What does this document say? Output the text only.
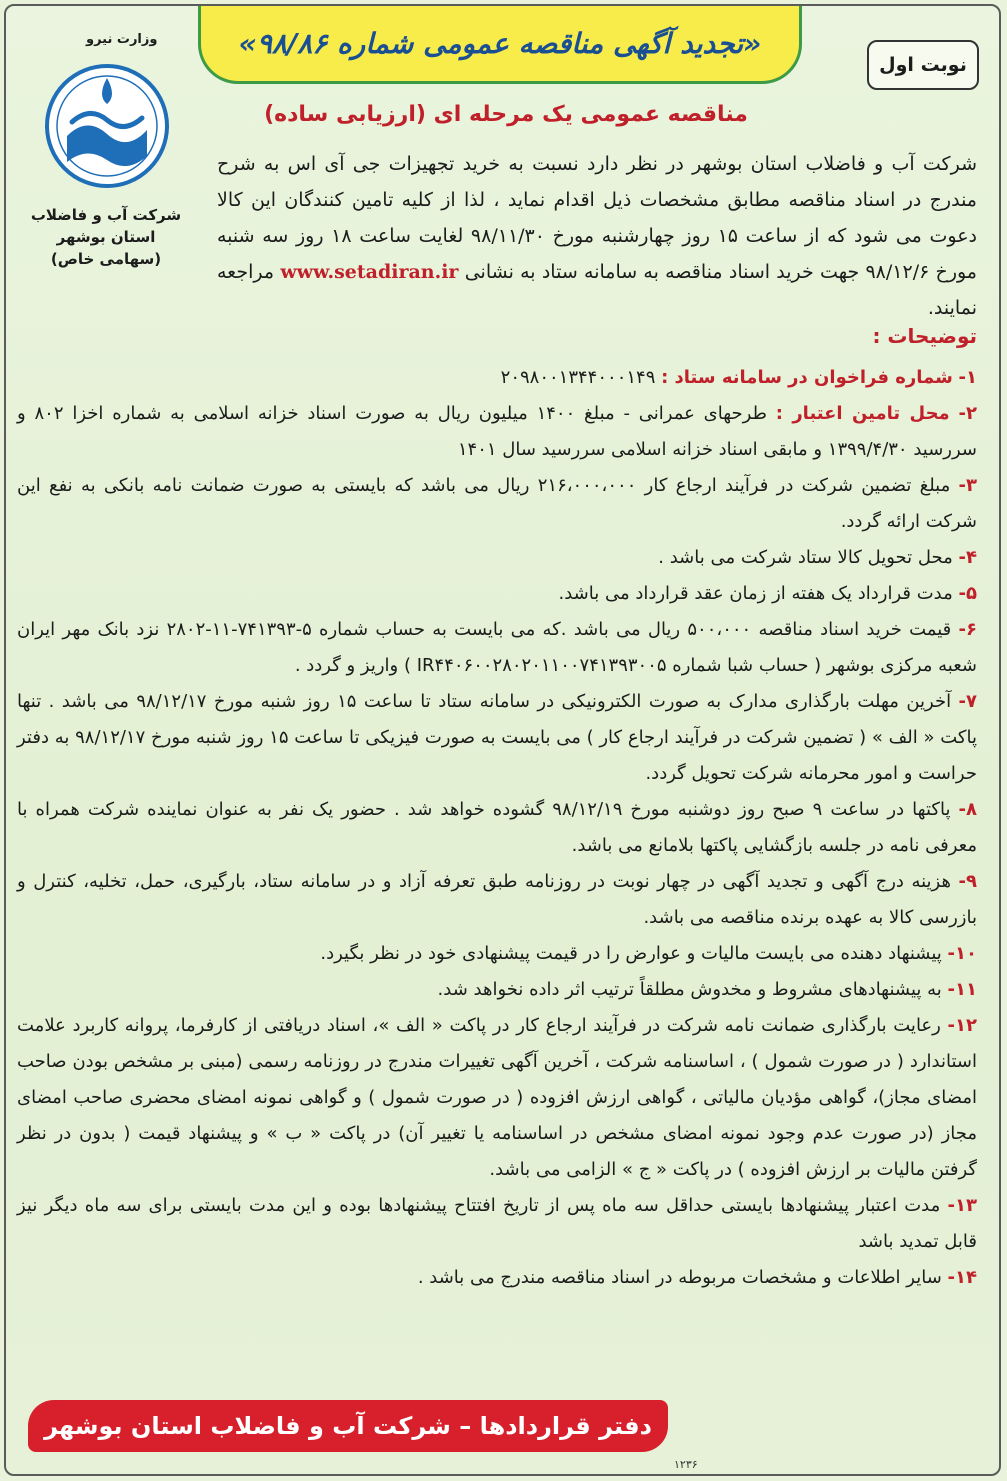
«تجدید آگهی مناقصه عمومی شماره ۹۸/۸۶»
نوبت اول
وزارت نیرو
شرکت آب و فاضلاب
استان بوشهر
(سهامی خاص)
مناقصه عمومی یک مرحله ای (ارزیابی ساده)
شرکت آب و فاضلاب استان بوشهر در نظر دارد نسبت به خرید تجهیزات جی آی اس به شرح مندرج در اسناد مناقصه مطابق مشخصات ذیل اقدام نماید ، لذا از کلیه تامین کنندگان این کالا دعوت می شود که از ساعت ۱۵ روز چهارشنبه مورخ ۹۸/۱۱/۳۰ لغایت ساعت ۱۸ روز سه شنبه مورخ ۹۸/۱۲/۶ جهت خرید اسناد مناقصه به سامانه ستاد به نشانی www.setadiran.ir مراجعه نمایند.
توضیحات :

۱- شماره فراخوان در سامانه ستاد : ۲۰۹۸۰۰۱۳۴۴۰۰۰۱۴۹

۲- محل تامین اعتبار : طرحهای عمرانی - مبلغ ۱۴۰۰ میلیون ریال به صورت اسناد خزانه اسلامی به شماره اخزا ۸۰۲ و سررسید ۱۳۹۹/۴/۳۰ و مابقی اسناد خزانه اسلامی سررسید سال ۱۴۰۱

۳- مبلغ تضمین شرکت در فرآیند ارجاع کار ۲۱۶،۰۰۰،۰۰۰ ریال می باشد که بایستی به صورت ضمانت نامه بانکی به نفع این شرکت ارائه گردد.

۴- محل تحویل کالا ستاد شرکت می باشد .

۵- مدت قرارداد یک هفته از زمان عقد قرارداد می باشد.

۶- قیمت خرید اسناد مناقصه ۵۰۰،۰۰۰ ریال می باشد .که می بایست به حساب شماره ۵-۷۴۱۳۹۳-۱۱-۲۸۰۲ نزد بانک مهر ایران شعبه مرکزی بوشهر ( حساب شبا شماره IR۴۴۰۶۰۰۲۸۰۲۰۱۱۰۰۷۴۱۳۹۳۰۰۵ ) واریز و گردد .

۷- آخرین مهلت بارگذاری مدارک به صورت الکترونیکی در سامانه ستاد تا ساعت ۱۵ روز شنبه مورخ ۹۸/۱۲/۱۷ می باشد . تنها پاکت « الف » ( تضمین شرکت در فرآیند ارجاع کار ) می بایست به صورت فیزیکی تا ساعت ۱۵ روز شنبه مورخ ۹۸/۱۲/۱۷ به دفتر حراست و امور محرمانه شرکت تحویل گردد.

۸- پاکتها در ساعت ۹ صبح روز دوشنبه مورخ ۹۸/۱۲/۱۹ گشوده خواهد شد . حضور یک نفر به عنوان نماینده شرکت همراه با معرفی نامه در جلسه بازگشایی پاکتها بلامانع می باشد.

۹- هزینه درج آگهی و تجدید آگهی در چهار نوبت در روزنامه طبق تعرفه آزاد و در سامانه ستاد، بارگیری، حمل، تخلیه، کنترل و بازرسی کالا به عهده برنده مناقصه می باشد.

۱۰- پیشنهاد دهنده می بایست مالیات و عوارض را در قیمت پیشنهادی خود در نظر بگیرد.

۱۱- به پیشنهادهای مشروط و مخدوش مطلقاً ترتیب اثر داده نخواهد شد.

۱۲- رعایت بارگذاری ضمانت نامه شرکت در فرآیند ارجاع کار در پاکت « الف »، اسناد دریافتی از کارفرما، پروانه کاربرد علامت استاندارد ( در صورت شمول ) ، اساسنامه شرکت ، آخرین آگهی تغییرات مندرج در روزنامه رسمی (مبنی بر مشخص بودن صاحب امضای مجاز)، گواهی مؤدیان مالیاتی ، گواهی ارزش افزوده ( در صورت شمول ) و گواهی نمونه امضای محضری صاحب امضای مجاز (در صورت عدم وجود نمونه امضای مشخص در اساسنامه یا تغییر آن) در پاکت « ب » و پیشنهاد قیمت ( بدون در نظر گرفتن مالیات بر ارزش افزوده ) در پاکت « ج » الزامی می باشد.

۱۳- مدت اعتبار پیشنهادها بایستی حداقل سه ماه پس از تاریخ افتتاح پیشنهادها بوده و این مدت بایستی برای سه ماه دیگر نیز قابل تمدید باشد

۱۴- سایر اطلاعات و مشخصات مربوطه در اسناد مناقصه مندرج می باشد .

دفتر قراردادها – شرکت آب و فاضلاب استان بوشهر
۱۲۳۶
